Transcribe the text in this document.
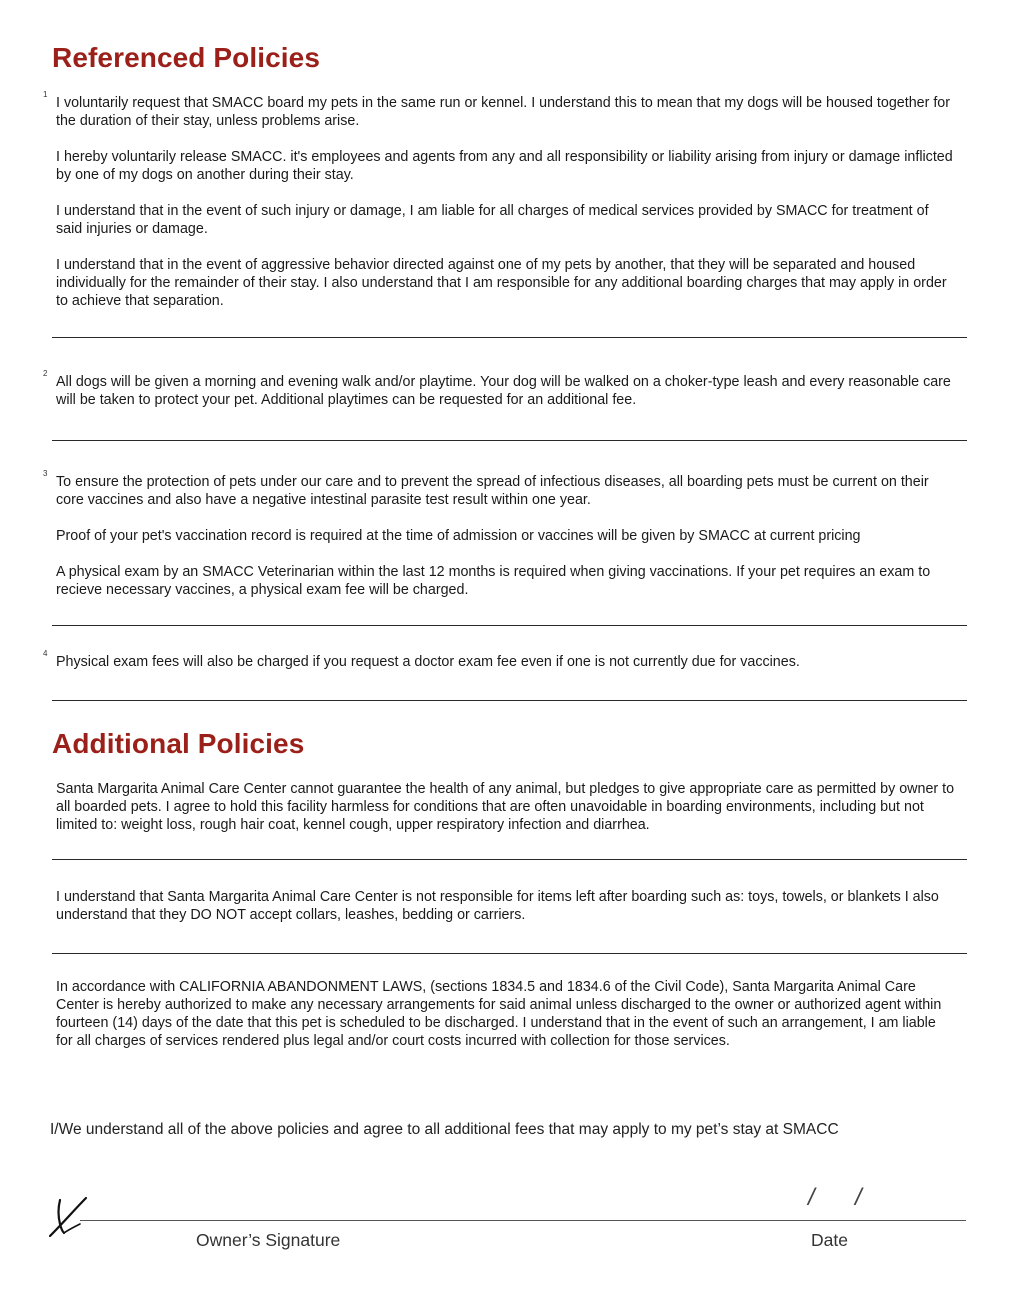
Referenced Policies
1
I voluntarily request that SMACC board my pets in the same run or kennel. I understand this to mean that my dogs will be housed together for the duration of their stay, unless problems arise.
I hereby voluntarily release SMACC. it's employees and agents from any and all responsibility or liability arising from injury or damage inflicted by one of my dogs on another during their stay.
I understand that in the event of such injury or damage, I am liable for all charges of medical services provided by SMACC for treatment of said injuries or damage.
I understand that in the event of aggressive behavior directed against one of my pets by another, that they will be separated and housed individually for the remainder of their stay. I also understand that I am responsible for any additional boarding charges that may apply in order to achieve that separation.
2
All dogs will be given a morning and evening walk and/or playtime. Your dog will be walked on a choker-type leash and every reasonable care will be taken to protect your pet. Additional playtimes can be requested for an additional fee.
3
To ensure the protection of pets under our care and to prevent the spread of infectious diseases, all boarding pets must be current on their core vaccines and also have a negative intestinal parasite test result within one year.
Proof of your pet's vaccination record is required at the time of admission or vaccines will be given by SMACC at current pricing
A physical exam by an SMACC Veterinarian within the last 12 months is required when giving vaccinations. If your pet requires an exam to recieve necessary vaccines, a physical exam fee will be charged.
4
Physical exam fees will also be charged if you request a doctor exam fee even if one is not currently due for vaccines.
Additional Policies
Santa Margarita Animal Care Center cannot guarantee the health of any animal, but pledges to give appropriate care as permitted by owner to all boarded pets. I agree to hold this facility harmless for conditions that are often unavoidable in boarding environments, including but not limited to: weight loss, rough hair coat, kennel cough, upper respiratory infection and diarrhea.
I understand that Santa Margarita Animal Care Center is not responsible for items left after boarding such as: toys, towels, or blankets I also understand that they DO NOT accept collars, leashes, bedding or carriers.
In accordance with CALIFORNIA ABANDONMENT LAWS, (sections 1834.5 and 1834.6 of the Civil Code), Santa Margarita Animal Care Center is hereby authorized to make any necessary arrangements for said animal unless discharged to the owner or authorized agent within fourteen (14) days of the date that this pet is scheduled to be discharged. I understand that in the event of such an arrangement, I am liable for all charges of services rendered plus legal and/or court costs incurred with collection for those services.
I/We understand all of the above policies and agree to all additional fees that may apply to my pet’s stay at SMACC
/ /
Owner’s Signature	Date
